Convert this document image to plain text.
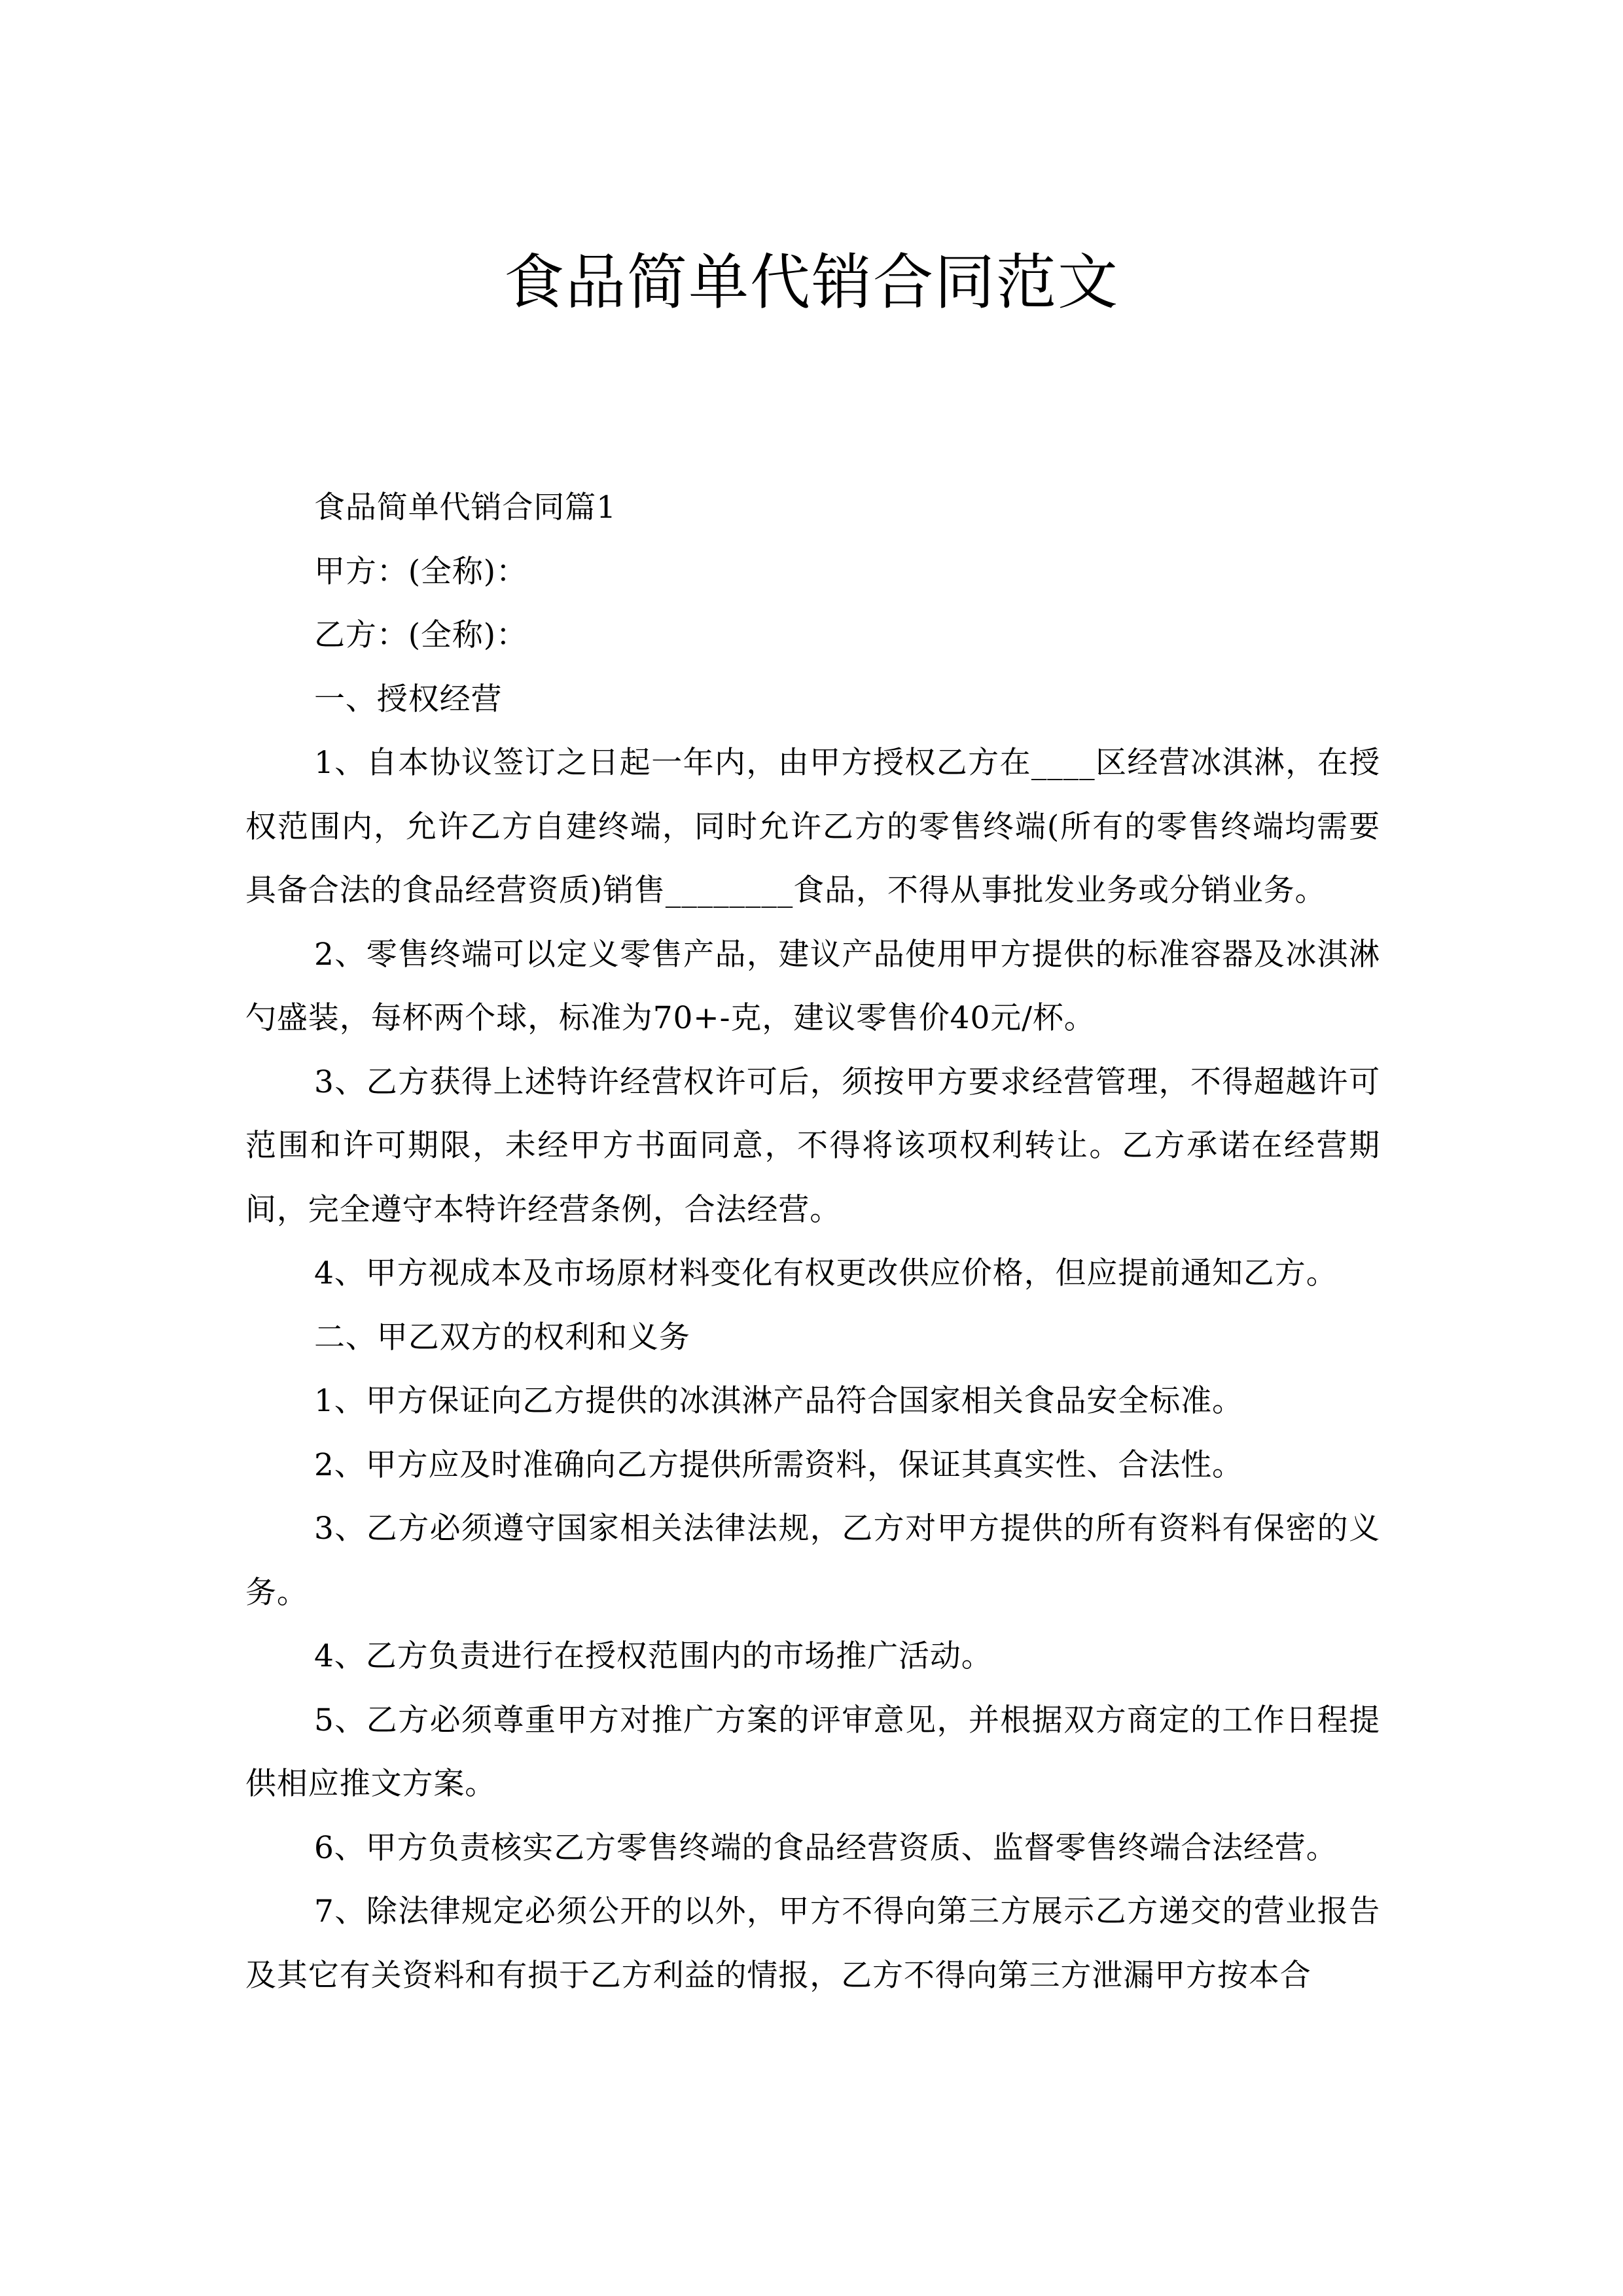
食品简单代销合同范文

食品简单代销合同篇1

甲方：(全称)：

乙方：(全称)：

一、授权经营

1、自本协议签订之日起一年内，由甲方授权乙方在____区经营冰淇淋，在授权范围内，允许乙方自建终端，同时允许乙方的零售终端(所有的零售终端均需要具备合法的食品经营资质)销售________食品，不得从事批发业务或分销业务。

2、零售终端可以定义零售产品，建议产品使用甲方提供的标准容器及冰淇淋勺盛装，每杯两个球，标准为70+-克，建议零售价40元/杯。

3、乙方获得上述特许经营权许可后，须按甲方要求经营管理，不得超越许可范围和许可期限，未经甲方书面同意，不得将该项权利转让。乙方承诺在经营期间，完全遵守本特许经营条例，合法经营。

4、甲方视成本及市场原材料变化有权更改供应价格，但应提前通知乙方。

二、甲乙双方的权利和义务

1、甲方保证向乙方提供的冰淇淋产品符合国家相关食品安全标准。

2、甲方应及时准确向乙方提供所需资料，保证其真实性、合法性。

3、乙方必须遵守国家相关法律法规，乙方对甲方提供的所有资料有保密的义务。

4、乙方负责进行在授权范围内的市场推广活动。

5、乙方必须尊重甲方对推广方案的评审意见，并根据双方商定的工作日程提供相应推文方案。

6、甲方负责核实乙方零售终端的食品经营资质、监督零售终端合法经营。

7、除法律规定必须公开的以外，甲方不得向第三方展示乙方递交的营业报告及其它有关资料和有损于乙方利益的情报，乙方不得向第三方泄漏甲方按本合
